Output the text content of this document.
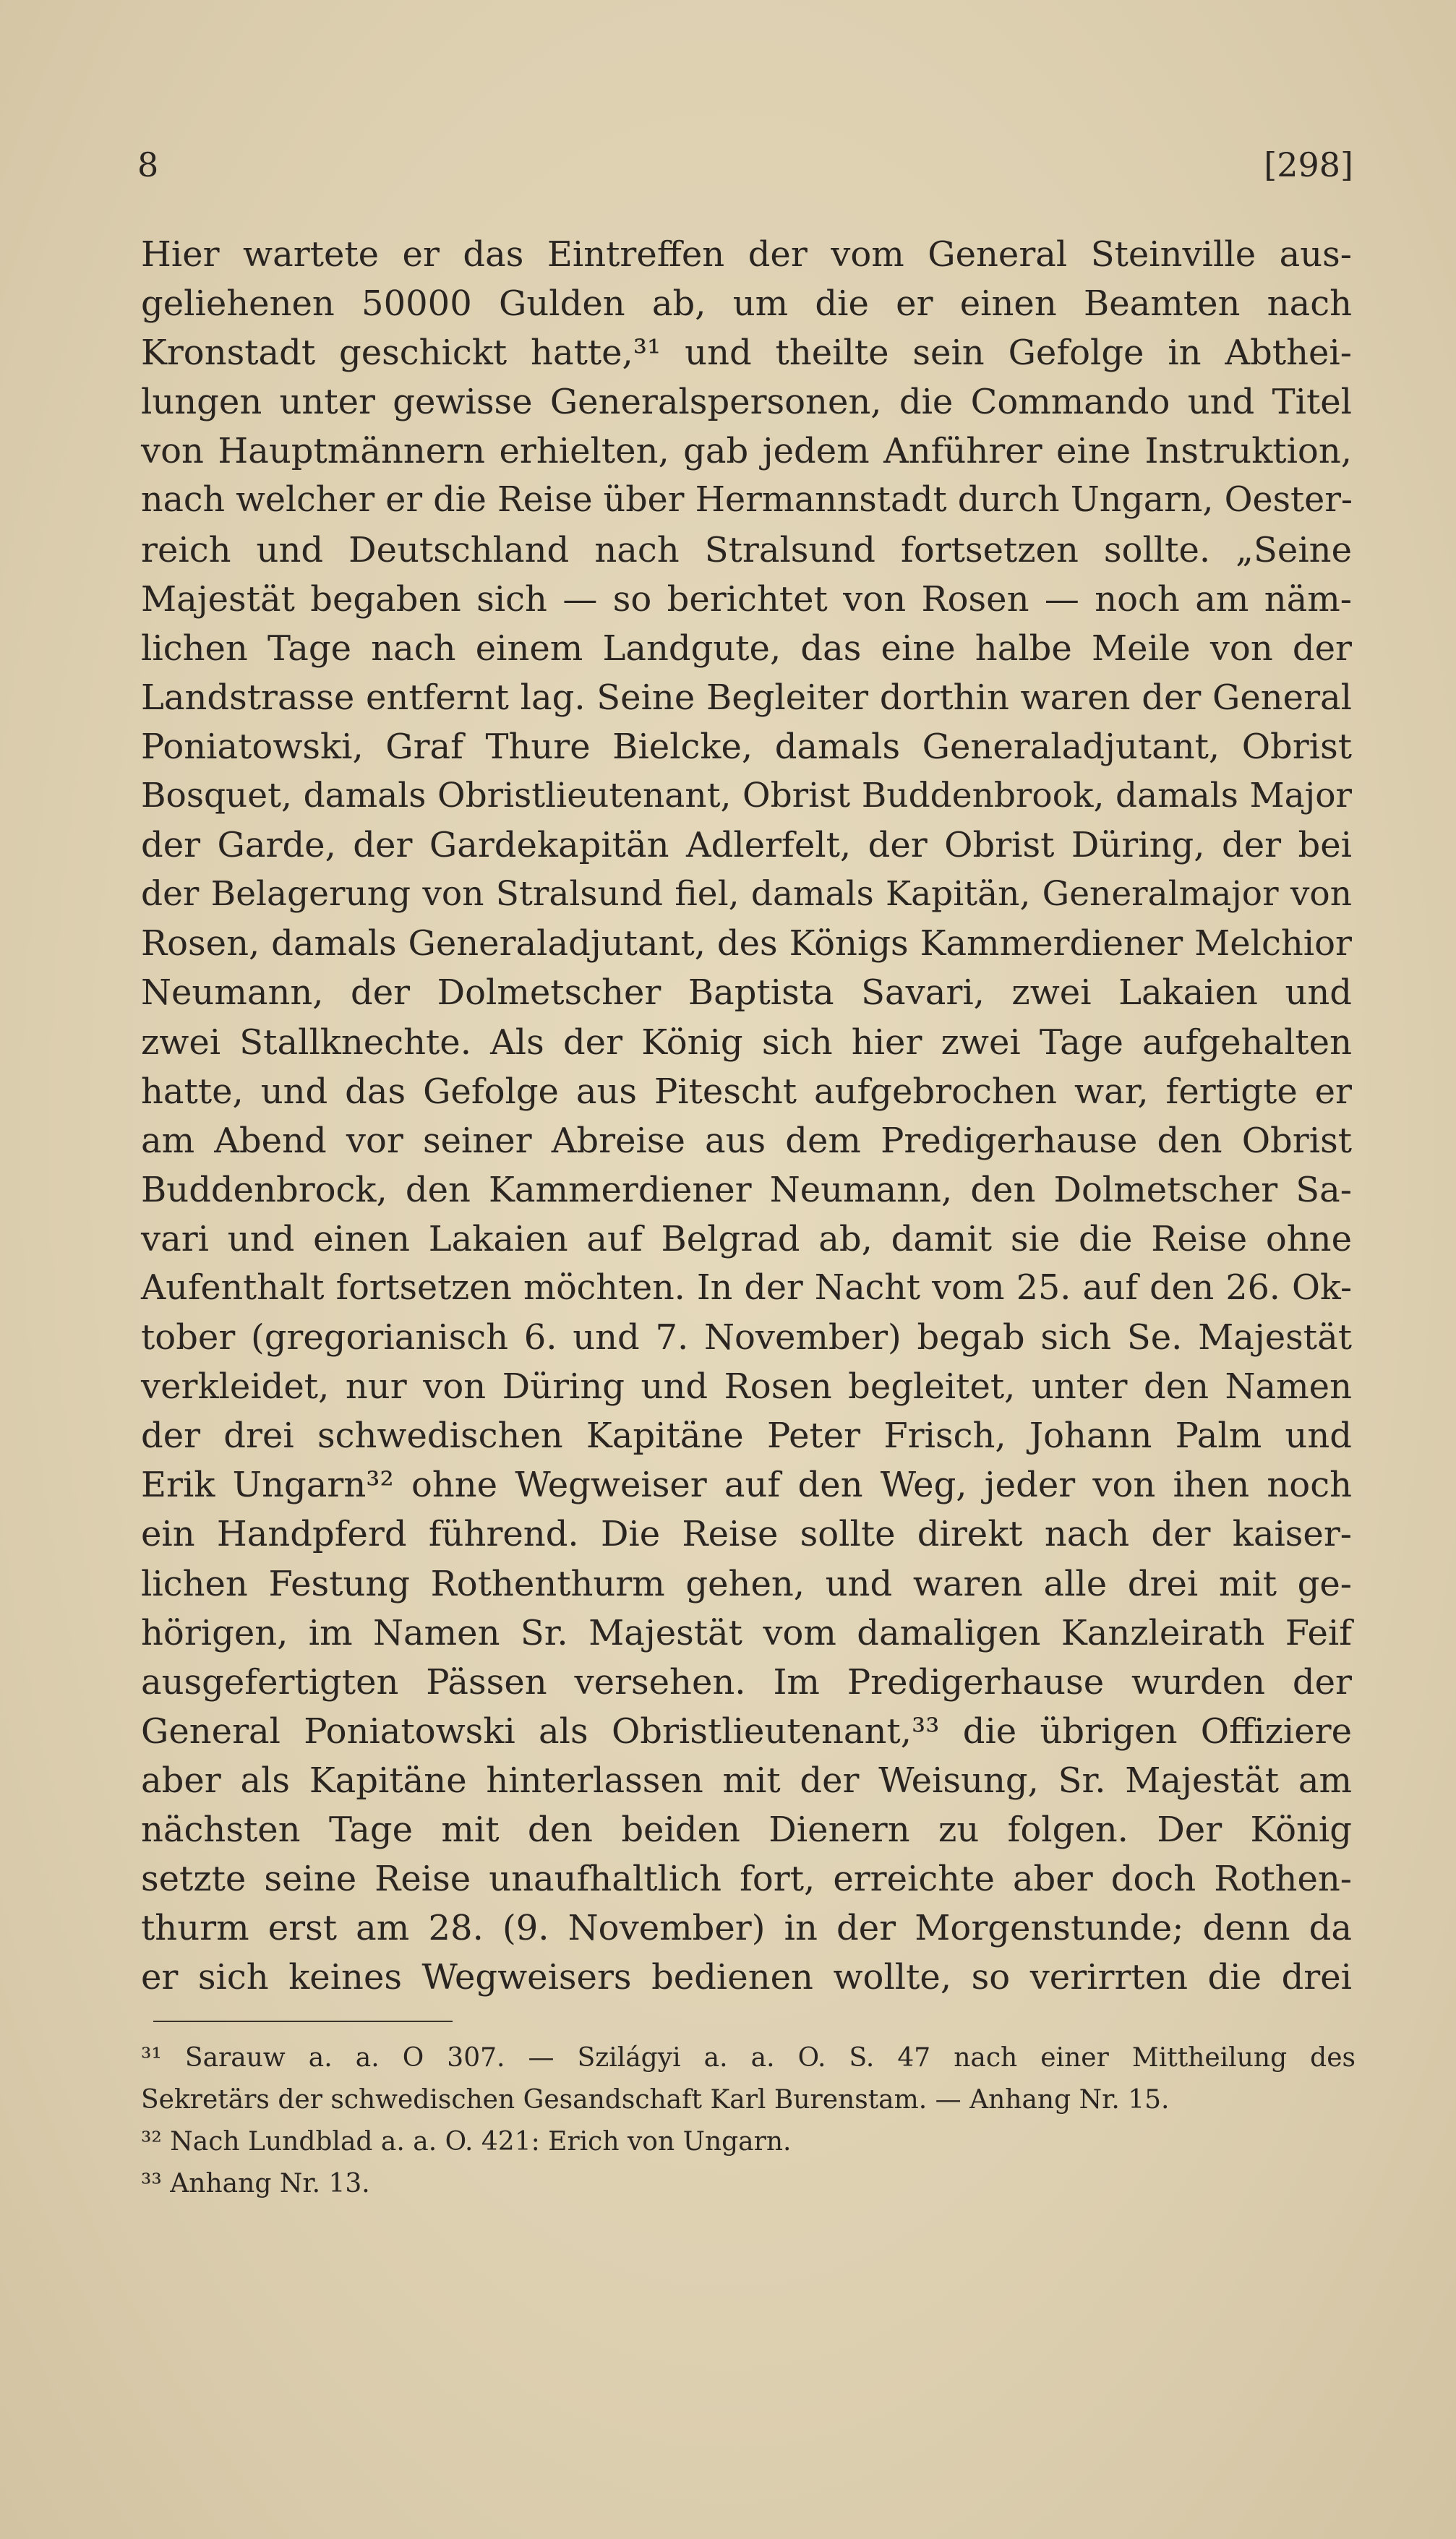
8	[298]
Hier wartete er das Eintreffen der vom General Steinville aus-
geliehenen 50000 Gulden ab, um die er einen Beamten nach
Kronstadt geschickt hatte,³¹ und theilte sein Gefolge in Abthei-
lungen unter gewisse Generalspersonen, die Commando und Titel
von Hauptmännern erhielten, gab jedem Anführer eine Instruktion,
nach welcher er die Reise über Hermannstadt durch Ungarn, Oester-
reich und Deutschland nach Stralsund fortsetzen sollte. „Seine
Majestät begaben sich — so berichtet von Rosen — noch am näm-
lichen Tage nach einem Landgute, das eine halbe Meile von der
Landstrasse entfernt lag. Seine Begleiter dorthin waren der General
Poniatowski, Graf Thure Bielcke, damals Generaladjutant, Obrist
Bosquet, damals Obristlieutenant, Obrist Buddenbrook, damals Major
der Garde, der Gardekapitän Adlerfelt, der Obrist Düring, der bei
der Belagerung von Stralsund fiel, damals Kapitän, Generalmajor von
Rosen, damals Generaladjutant, des Königs Kammerdiener Melchior
Neumann, der Dolmetscher Baptista Savari, zwei Lakaien und
zwei Stallknechte. Als der König sich hier zwei Tage aufgehalten
hatte, und das Gefolge aus Pitescht aufgebrochen war, fertigte er
am Abend vor seiner Abreise aus dem Predigerhause den Obrist
Buddenbrock, den Kammerdiener Neumann, den Dolmetscher Sa-
vari und einen Lakaien auf Belgrad ab, damit sie die Reise ohne
Aufenthalt fortsetzen möchten. In der Nacht vom 25. auf den 26. Ok-
tober (gregorianisch 6. und 7. November) begab sich Se. Majestät
verkleidet, nur von Düring und Rosen begleitet, unter den Namen
der drei schwedischen Kapitäne Peter Frisch, Johann Palm und
Erik Ungarn³² ohne Wegweiser auf den Weg, jeder von ihen noch
ein Handpferd führend. Die Reise sollte direkt nach der kaiser-
lichen Festung Rothenthurm gehen, und waren alle drei mit ge-
hörigen, im Namen Sr. Majestät vom damaligen Kanzleirath Feif
ausgefertigten Pässen versehen. Im Predigerhause wurden der
General Poniatowski als Obristlieutenant,³³ die übrigen Offiziere
aber als Kapitäne hinterlassen mit der Weisung, Sr. Majestät am
nächsten Tage mit den beiden Dienern zu folgen. Der König
setzte seine Reise unaufhaltlich fort, erreichte aber doch Rothen-
thurm erst am 28. (9. November) in der Morgenstunde; denn da
er sich keines Wegweisers bedienen wollte, so verirrten die drei
³¹ Sarauw a. a. O 307. — Szilágyi a. a. O. S. 47 nach einer Mittheilung des
Sekretärs der schwedischen Gesandschaft Karl Burenstam. — Anhang Nr. 15.
³² Nach Lundblad a. a. O. 421: Erich von Ungarn.
³³ Anhang Nr. 13.
